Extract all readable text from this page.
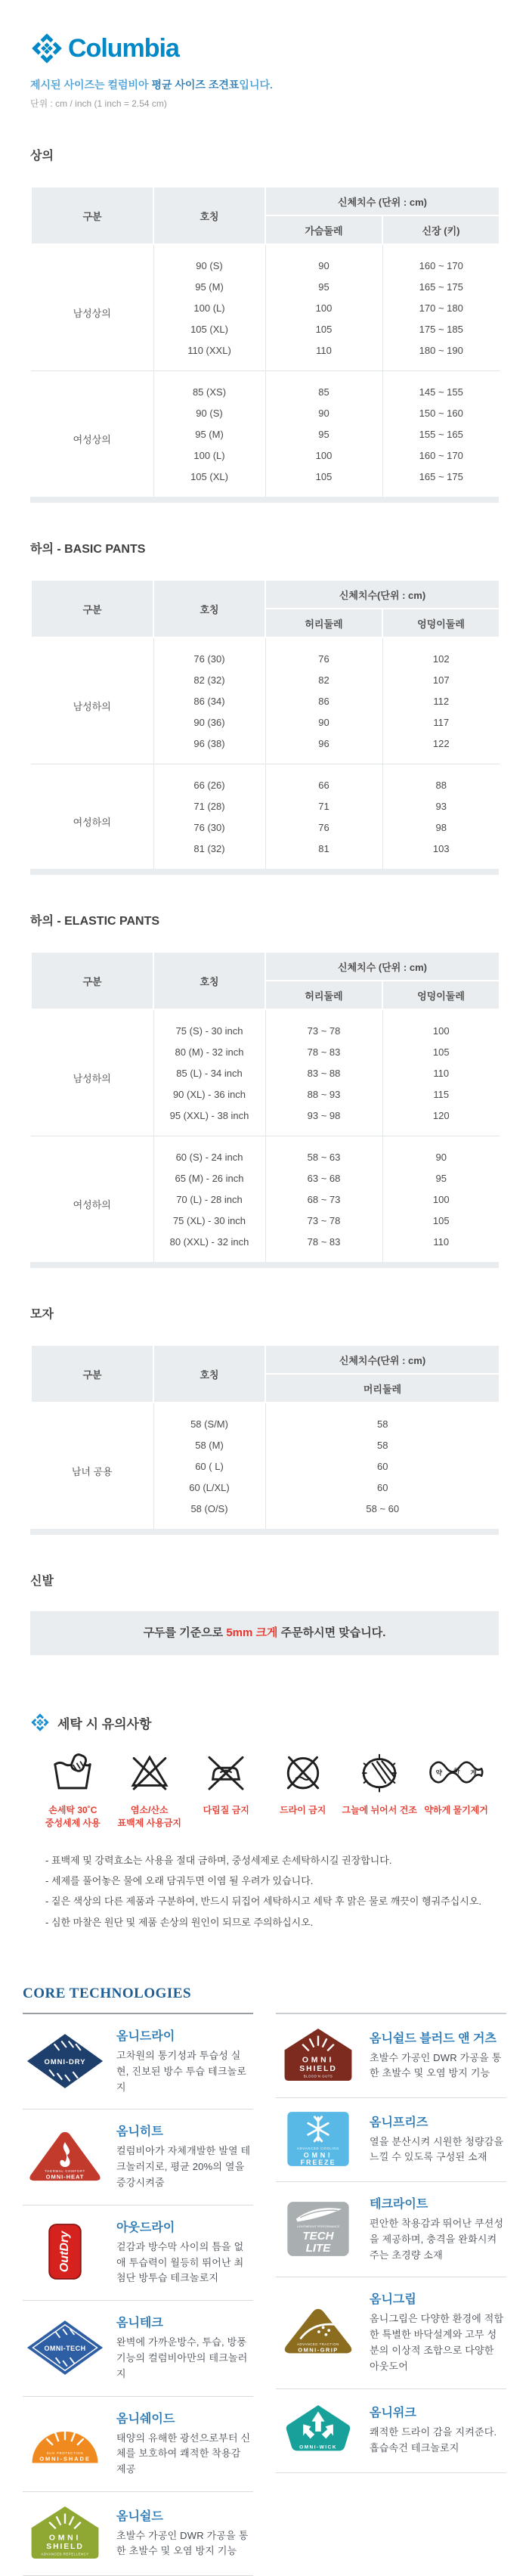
Columbia

제시된 사이즈는 컬럼비아 평균 사이즈 조견표입니다.

단위 : cm / inch (1 inch = 2.54 cm)

상의
구분	호칭	신체치수 (단위 : cm)	
		가슴둘레	신장 (키)
남성상의	90 (S)	90	160 ~ 170
	95 (M)	95	165 ~ 175
	100 (L)	100	170 ~ 180
	105 (XL)	105	175 ~ 185
	110 (XXL)	110	180 ~ 190
여성상의	85 (XS)	85	145 ~ 155
	90 (S)	90	150 ~ 160
	95 (M)	95	155 ~ 165
	100 (L)	100	160 ~ 170
	105 (XL)	105	165 ~ 175
하의 - BASIC PANTS
구분	호칭	신체치수(단위 : cm)	
		허리둘레	엉덩이둘레
남성하의	76 (30)	76	102
	82 (32)	82	107
	86 (34)	86	112
	90 (36)	90	117
	96 (38)	96	122
여성하의	66 (26)	66	88
	71 (28)	71	93
	76 (30)	76	98
	81 (32)	81	103
하의 - ELASTIC PANTS
구분	호칭	신체치수 (단위 : cm)	
		허리둘레	엉덩이둘레
남성하의	75 (S) - 30 inch	73 ~ 78	100
	80 (M) - 32 inch	78 ~ 83	105
	85 (L) - 34 inch	83 ~ 88	110
	90 (XL) - 36 inch	88 ~ 93	115
	95 (XXL) - 38 inch	93 ~ 98	120
여성하의	60 (S) - 24 inch	58 ~ 63	90
	65 (M) - 26 inch	63 ~ 68	95
	70 (L) - 28 inch	68 ~ 73	100
	75 (XL) - 30 inch	73 ~ 78	105
	80 (XXL) - 32 inch	78 ~ 83	110
모자
구분	호칭	신체치수(단위 : cm)
		머리둘레
남녀 공용	58 (S/M)	58
	58 (M)	58
	60 ( L)	60
	60 (L/XL)	60
	58 (O/S)	58 ~ 60
신발
구두를 기준으로 5mm 크게 주문하시면 맞습니다.
세탁 시 유의사항
손세탁 30˚C
중성세제 사용
염소/산소
표백제 사용금지
다림질 금지	드라이 금지 그늘에 뉘어서 건조
약 하 게
약하게 물기제거
- 표백제 및 강력효소는 사용을 절대 금하며, 중성세제로 손세탁하시길 권장합니다.
- 세제를 풀어놓은 물에 오래 담궈두면 이염 될 우려가 있습니다.
- 짙은 색상의 다른 제품과 구분하여, 반드시 뒤집어 세탁하시고 세탁 후 맑은 물로 깨끗이 헹궈주십시오.
- 심한 마찰은 원단 및 제품 손상의 원인이 되므로 주의하십시오.
CORE TECHNOLOGIES
OMNI-DRY
옴니드라이

고차원의 통기성과 투습성 실현, 진보된 방수 투습 테크놀로지

THERMAL COMFORT
OMNI-HEAT
옴니히트

컬럼비아가 자체개발한 발열 테크놀러지로, 평균 20%의 열을 증강시켜줌

OutDry
아웃드라이

겉감과 방수막 사이의 틈을 없애 투습력이 월등히 뛰어난 최첨단 방투습 테크놀로지

OMNI-TECH
옴니테크

완벽에 가까운방수, 투습, 방풍 기능의 컬럼비아만의 테크놀러지

SUN PROTECTION
OMNI-SHADE
옴니쉐이드

태양의 유해한 광선으로부터 신체를 보호하여 쾌적한 착용감 제공

OMNI
SHIELD
ADVANCED REPELLENCY
옴니쉴드

초발수 가공인 DWR 가공을 통한 초발수 및 오염 방지 기능

OMNI
SHIELD
BLOOD'N GUTS
옴니쉴드 블러드 앤 거츠

초발수 가공인 DWR 가공을 통한 초발수 및 오염 방지 기능

ADVANCED COOLING
OMNI
FREEZE
옴니프리즈

열을 분산시켜 시원한 청량감을 느낄 수 있도록 구성된 소재

LIGHTWEIGHT PERFORMANCE
TECH
LITE
테크라이트

편안한 착용감과 뛰어난 쿠션성을 제공하며, 충격을 완화시켜주는 초경량 소재

ADVANCED TRACTION
OMNI-GRIP
옴니그립

옴니그립은 다양한 환경에 적합한 특별한 바닥설계와 고무 성분의 이상적 조합으로 다양한 아웃도어

OMNI-WICK
옴니위크

쾌적한 드라이 감을 지켜준다. 흡습속건 테크놀로지
